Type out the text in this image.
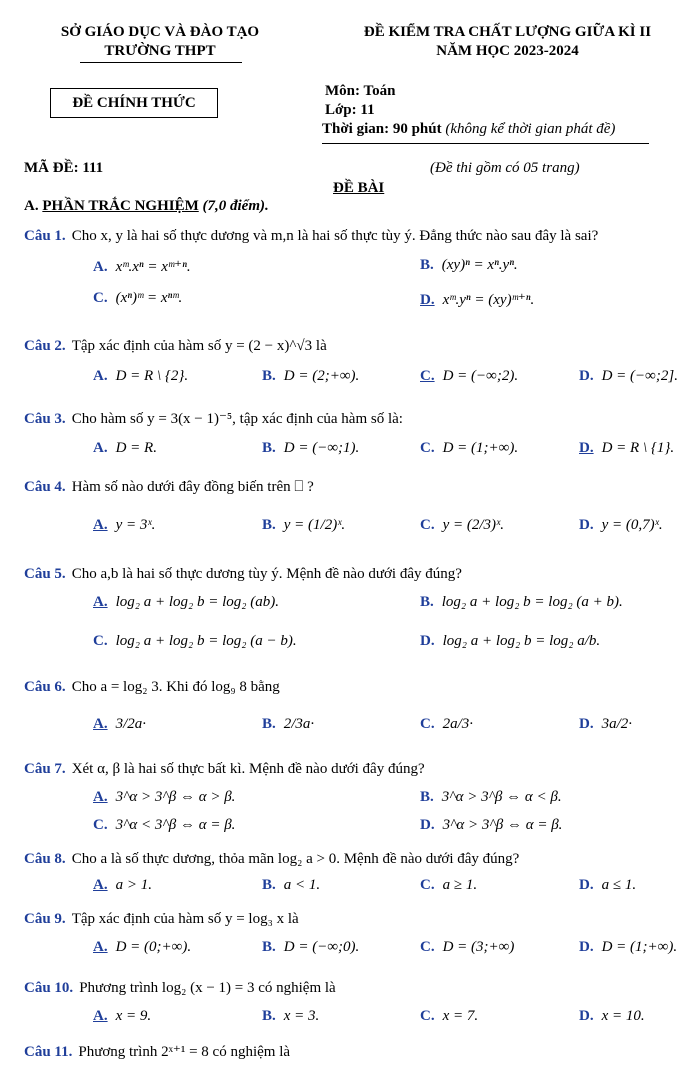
SỞ GIÁO DỤC VÀ ĐÀO TẠO
TRƯỜNG THPT
ĐỀ KIỂM TRA CHẤT LƯỢNG GIỮA KÌ II
NĂM HỌC 2023-2024
ĐỀ CHÍNH THỨC
Môn: Toán
Lớp: 11
Thời gian: 90 phút (không kể thời gian phát đề)
MÃ ĐỀ: 111	(Đề thi gồm có 05 trang)
ĐỀ BÀI
A. PHẦN TRẮC NGHIỆM (7,0 điểm).
Câu 1. Cho x, y là hai số thực dương và m,n là hai số thực tùy ý. Đẳng thức nào sau đây là sai?
A. xᵐ.xⁿ = xᵐ⁺ⁿ.	B. (xy)ⁿ = xⁿ.yⁿ.
C. (xⁿ)ᵐ = xⁿᵐ.	D. xᵐ.yⁿ = (xy)ᵐ⁺ⁿ.
Câu 2. Tập xác định của hàm số y = (2 − x)^√3 là
A. D = R \ {2}.	B. D = (2;+∞).	C. D = (−∞;2).	D. D = (−∞;2].
Câu 3. Cho hàm số y = 3(x − 1)⁻⁵, tập xác định của hàm số là:
A. D = R.	B. D = (−∞;1).	C. D = (1;+∞).	D. D = R \ {1}.
Câu 4. Hàm số nào dưới đây đồng biến trên ⎕ ?
A. y = 3ˣ.	B. y = (1/2)ˣ.	C. y = (2/3)ˣ.	D. y = (0,7)ˣ.
Câu 5. Cho a,b là hai số thực dương tùy ý. Mệnh đề nào dưới đây đúng?
A. log₂ a + log₂ b = log₂ (ab).	B. log₂ a + log₂ b = log₂ (a + b).
C. log₂ a + log₂ b = log₂ (a − b).	D. log₂ a + log₂ b = log₂ a/b.
Câu 6. Cho a = log₂ 3. Khi đó log₉ 8 bằng
A. 3/2a·	B. 2/3a·	C. 2a/3·	D. 3a/2·
Câu 7. Xét α, β là hai số thực bất kì. Mệnh đề nào dưới đây đúng?
A. 3^α > 3^β ⇔ α > β.	B. 3^α > 3^β ⇔ α < β.
C. 3^α < 3^β ⇔ α = β.	D. 3^α > 3^β ⇔ α = β.
Câu 8. Cho a là số thực dương, thỏa mãn log₂ a > 0. Mệnh đề nào dưới đây đúng?
A. a > 1.	B. a < 1.	C. a ≥ 1.	D. a ≤ 1.
Câu 9. Tập xác định của hàm số y = log₃ x là
A. D = (0;+∞).	B. D = (−∞;0).	C. D = (3;+∞)	D. D = (1;+∞).
Câu 10. Phương trình log₂ (x − 1) = 3 có nghiệm là
A. x = 9.	B. x = 3.	C. x = 7.	D. x = 10.
Câu 11. Phương trình 2ˣ⁺¹ = 8 có nghiệm là
